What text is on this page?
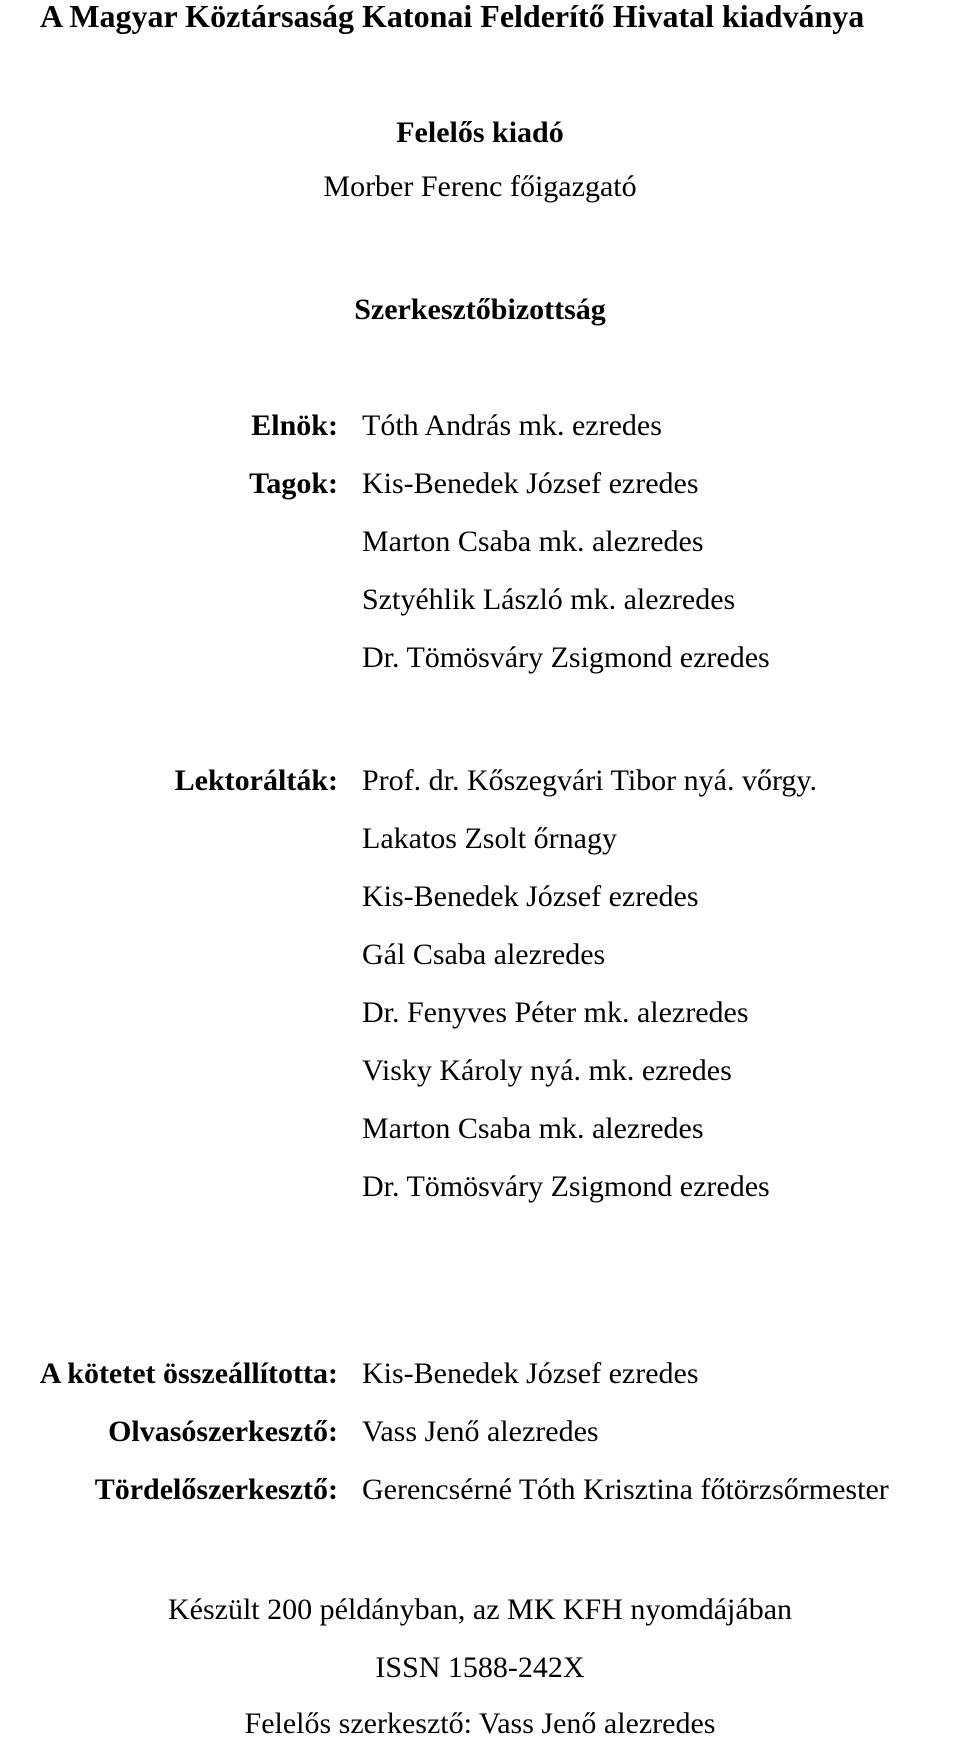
A Magyar Köztársaság Katonai Felderítő Hivatal kiadványa
Felelős kiadó
Morber Ferenc főigazgató
Szerkesztőbizottság
Elnök: Tóth András mk. ezredes
Tagok: Kis-Benedek József ezredes
Marton Csaba mk. alezredes
Sztyéhlik László mk. alezredes
Dr. Tömösváry Zsigmond ezredes
Lektorálták: Prof. dr. Kőszegvári Tibor nyá. vőrgy.
Lakatos Zsolt őrnagy
Kis-Benedek József ezredes
Gál Csaba alezredes
Dr. Fenyves Péter mk. alezredes
Visky Károly nyá. mk. ezredes
Marton Csaba mk. alezredes
Dr. Tömösváry Zsigmond ezredes
A kötetet összeállította: Kis-Benedek József ezredes
Olvasószerkesztő: Vass Jenő alezredes
Tördelőszerkesztő: Gerencsérné Tóth Krisztina főtörzsőrmester
Készült 200 példányban, az MK KFH nyomdájában
ISSN 1588-242X
Felelős szerkesztő: Vass Jenő alezredes
